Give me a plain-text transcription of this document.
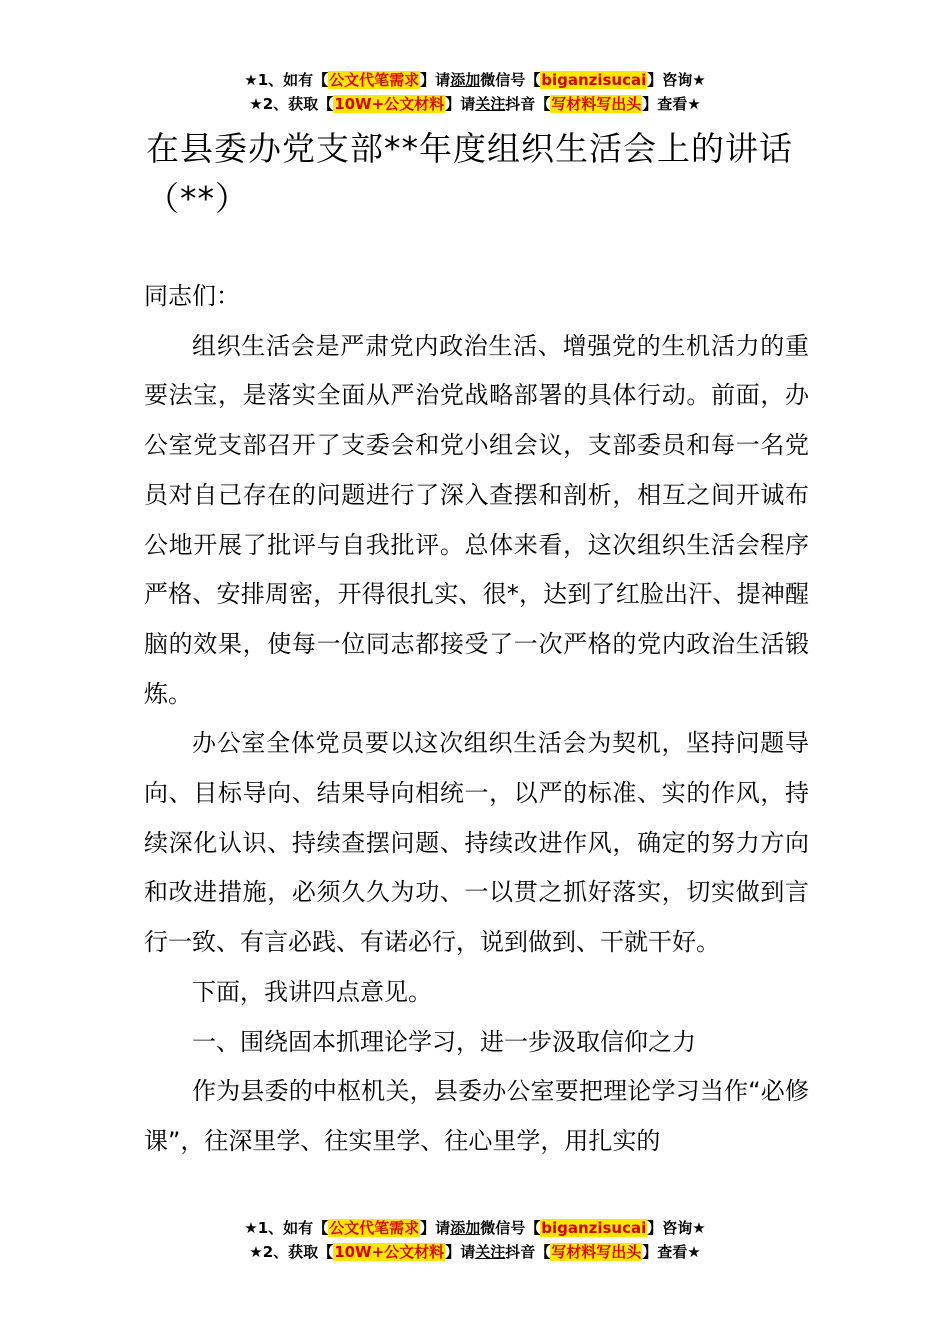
★1、如有【公文代笔需求】请添加微信号【biganzisucai】咨询★
★2、获取【10W+公文材料】请关注抖音【写材料写出头】查看★
在县委办党支部**年度组织生活会上的讲话（**）

同志们：

组织生活会是严肃党内政治生活、增强党的生机活力的重要法宝，是落实全面从严治党战略部署的具体行动。前面，办公室党支部召开了支委会和党小组会议，支部委员和每一名党员对自己存在的问题进行了深入查摆和剖析，相互之间开诚布公地开展了批评与自我批评。总体来看，这次组织生活会程序严格、安排周密，开得很扎实、很*，达到了红脸出汗、提神醒脑的效果，使每一位同志都接受了一次严格的党内政治生活锻炼。

办公室全体党员要以这次组织生活会为契机，坚持问题导向、目标导向、结果导向相统一，以严的标准、实的作风，持续深化认识、持续查摆问题、持续改进作风，确定的努力方向和改进措施，必须久久为功、一以贯之抓好落实，切实做到言行一致、有言必践、有诺必行，说到做到、干就干好。

下面，我讲四点意见。

一、围绕固本抓理论学习，进一步汲取信仰之力

作为县委的中枢机关，县委办公室要把理论学习当作“必修课”，往深里学、往实里学、往心里学，用扎实的

★1、如有【公文代笔需求】请添加微信号【biganzisucai】咨询★
★2、获取【10W+公文材料】请关注抖音【写材料写出头】查看★
